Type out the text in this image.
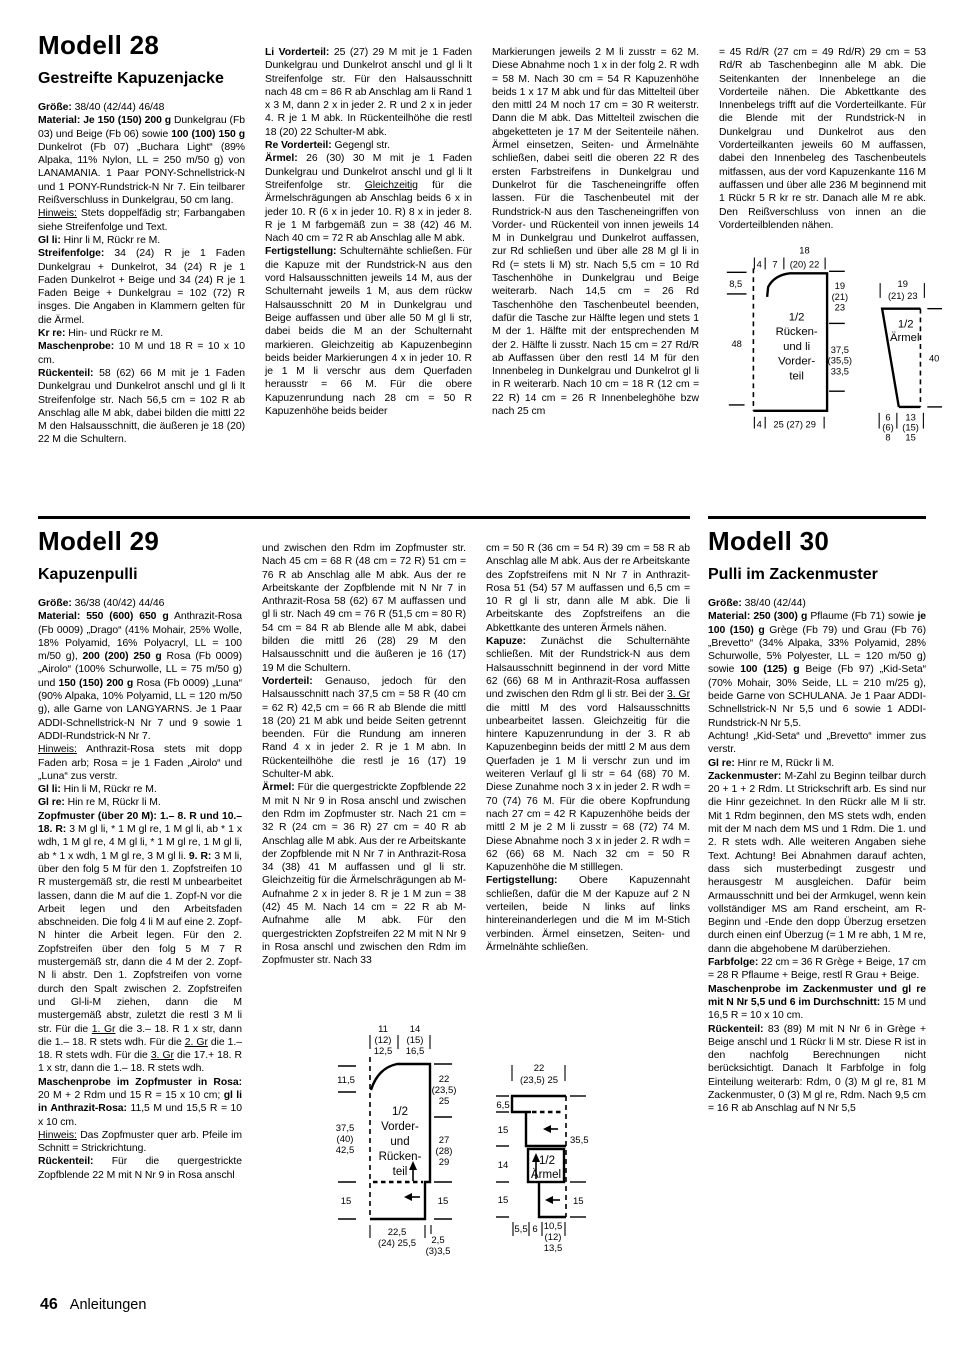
Modell 28
Gestreifte Kapuzenjacke

Größe: 38/40 (42/44) 46/48

Material: Je 150 (150) 200 g Dunkelgrau (Fb 03) und Beige (Fb 06) sowie 100 (100) 150 g Dunkelrot (Fb 07) „Buchara Light“ (89% Alpaka, 11% Nylon, LL = 250 m/50 g) von LANAMANIA. 1 Paar PONY-Schnellstrick-N und 1 PONY-Rundstrick-N Nr 7. Ein teilbarer Reißverschluss in Dunkelgrau, 50 cm lang.

Hinweis: Stets doppelfädig str; Farbangaben siehe Streifenfolge und Text.

Gl li: Hinr li M, Rückr re M.

Streifenfolge: 34 (24) R je 1 Faden Dunkelgrau + Dunkelrot, 34 (24) R je 1 Faden Dunkelrot + Beige und 34 (24) R je 1 Faden Beige + Dunkelgrau = 102 (72) R insges. Die Angaben in Klammern gelten für die Ärmel.

Kr re: Hin- und Rückr re M.

Maschenprobe: 10 M und 18 R = 10 x 10 cm.

Rückenteil: 58 (62) 66 M mit je 1 Faden Dunkelgrau und Dunkelrot anschl und gl li lt Streifenfolge str. Nach 56,5 cm = 102 R ab Anschlag alle M abk, dabei bilden die mittl 22 M den Halsausschnitt, die äußeren je 18 (20) 22 M die Schultern.

Li Vorderteil: 25 (27) 29 M mit je 1 Faden Dunkelgrau und Dunkelrot anschl und gl li lt Streifenfolge str. Für den Halsausschnitt nach 48 cm = 86 R ab Anschlag am li Rand 1 x 3 M, dann 2 x in jeder 2. R und 2 x in jeder 4. R je 1 M abk. In Rückenteilhöhe die restl 18 (20) 22 Schulter-M abk.

Re Vorderteil: Gegengl str.

Ärmel: 26 (30) 30 M mit je 1 Faden Dunkelgrau und Dunkelrot anschl und gl li lt Streifenfolge str. Gleichzeitig für die Ärmelschrägungen ab Anschlag beids 6 x in jeder 10. R (6 x in jeder 10. R) 8 x in jeder 8. R je 1 M farbgemäß zun = 38 (42) 46 M. Nach 40 cm = 72 R ab Anschlag alle M abk.

Fertigstellung: Schulternähte schließen. Für die Kapuze mit der Rundstrick-N aus den vord Halsausschnitten jeweils 14 M, aus der Schulternaht jeweils 1 M, aus dem rückw Halsausschnitt 20 M in Dunkelgrau und Beige auffassen und über alle 50 M gl li str, dabei beids die M an der Schulternaht markieren. Gleichzeitig ab Kapuzenbeginn beids beider Markierungen 4 x in jeder 10. R je 1 M li verschr aus dem Querfaden herausstr = 66 M. Für die obere Kapuzenrundung nach 28 cm = 50 R Kapuzenhöhe beids beider

Markierungen jeweils 2 M li zusstr = 62 M. Diese Abnahme noch 1 x in der folg 2. R wdh = 58 M. Nach 30 cm = 54 R Kapuzenhöhe beids 1 x 17 M abk und für das Mittelteil über den mittl 24 M noch 17 cm = 30 R weiterstr. Dann die M abk. Das Mittelteil zwischen die abgeketteten je 17 M der Seitenteile nähen. Ärmel einsetzen, Seiten- und Ärmelnähte schließen, dabei seitl die oberen 22 R des ersten Farbstreifens in Dunkelgrau und Dunkelrot für die Tascheneingriffe offen lassen. Für die Taschenbeutel mit der Rundstrick-N aus den Tascheneingriffen von Vorder- und Rückenteil von innen jeweils 14 M in Dunkelgrau und Dunkelrot auffassen, zur Rd schließen und über alle 28 M gl li in Rd (= stets li M) str. Nach 5,5 cm = 10 Rd Taschenhöhe in Dunkelgrau und Beige weiterarb. Nach 14,5 cm = 26 Rd Taschenhöhe den Taschenbeutel beenden, dafür die Tasche zur Hälfte legen und stets 1 M der 1. Hälfte mit der entsprechenden M der 2. Hälfte li zusstr. Nach 15 cm = 27 Rd/R ab Auffassen über den restl 14 M für den Innenbeleg in Dunkelgrau und Dunkelrot gl li in R weiterarb. Nach 10 cm = 18 R (12 cm = 22 R) 14 cm = 26 R Innenbeleghöhe bzw nach 25 cm

= 45 Rd/R (27 cm = 49 Rd/R) 29 cm = 53 Rd/R ab Taschenbeginn alle M abk. Die Seitenkanten der Innenbelege an die Vorderteile nähen. Die Abkettkante des Innenbelegs trifft auf die Vorderteilkante. Für die Blende mit der Rundstrick-N in Dunkelgrau und Dunkelrot aus den Vorderteilkanten jeweils 60 M auffassen, dabei den Innenbeleg des Taschenbeutels mitfassen, aus der vord Kapuzenkante 116 M auffassen und über alle 236 M beginnend mit 1 Rückr 5 R kr re str. Danach alle M re abk. Den Reißverschluss von innen an die Vorderteilblenden nähen.

18
4 7 (20) 22
8,5
48
19
(21)
23
37,5
(35,5)
33,5
4 25 (27) 29
1/2
Rücken-
und li
Vorder-
teil
19
(21) 23
40
6
(6)
8
13
(15)
15
1/2
Ärmel
Modell 29
Kapuzenpulli

Größe: 36/38 (40/42) 44/46

Material: 550 (600) 650 g Anthrazit-Rosa (Fb 0009) „Drago“ (41% Mohair, 25% Wolle, 18% Polyamid, 16% Polyacryl, LL = 100 m/50 g), 200 (200) 250 g Rosa (Fb 0009) „Airolo“ (100% Schurwolle, LL = 75 m/50 g) und 150 (150) 200 g Rosa (Fb 0009) „Luna“ (90% Alpaka, 10% Polyamid, LL = 120 m/50 g), alle Garne von LANGYARNS. Je 1 Paar ADDI-Schnellstrick-N Nr 7 und 9 sowie 1 ADDI-Rundstrick-N Nr 7.

Hinweis: Anthrazit-Rosa stets mit dopp Faden arb; Rosa = je 1 Faden „Airolo“ und „Luna“ zus verstr.

Gl li: Hin li M, Rückr re M.

Gl re: Hin re M, Rückr li M.

Zopfmuster (über 20 M): 1.– 8. R und 10.– 18. R: 3 M gl li, * 1 M gl re, 1 M gl li, ab * 1 x wdh, 1 M gl re, 4 M gl li, * 1 M gl re, 1 M gl li, ab * 1 x wdh, 1 M gl re, 3 M gl li. 9. R: 3 M li, über den folg 5 M für den 1. Zopfstreifen 10 R mustergemäß str, die restl M unbearbeitet lassen, dann die M auf die 1. Zopf-N vor die Arbeit legen und den Arbeitsfaden abschneiden. Die folg 4 li M auf eine 2. Zopf-N hinter die Arbeit legen. Für den 2. Zopfstreifen über den folg 5 M 7 R mustergemäß str, dann die 4 M der 2. Zopf-N li abstr. Den 1. Zopfstreifen von vorne durch den Spalt zwischen 2. Zopfstreifen und Gl-li-M ziehen, dann die M mustergemäß abstr, zuletzt die restl 3 M li str. Für die 1. Gr die 3.– 18. R 1 x str, dann die 1.– 18. R stets wdh. Für die 2. Gr die 1.– 18. R stets wdh. Für die 3. Gr die 17.+ 18. R 1 x str, dann die 1.– 18. R stets wdh.

Maschenprobe im Zopfmuster in Rosa: 20 M + 2 Rdm und 15 R = 15 x 10 cm; gl li in Anthrazit-Rosa: 11,5 M und 15,5 R = 10 x 10 cm.

Hinweis: Das Zopfmuster quer arb. Pfeile im Schnitt = Strickrichtung.

Rückenteil: Für die quergestrickte Zopfblende 22 M mit N Nr 9 in Rosa anschl

und zwischen den Rdm im Zopfmuster str. Nach 45 cm = 68 R (48 cm = 72 R) 51 cm = 76 R ab Anschlag alle M abk. Aus der re Arbeitskante der Zopfblende mit N Nr 7 in Anthrazit-Rosa 58 (62) 67 M auffassen und gl li str. Nach 49 cm = 76 R (51,5 cm = 80 R) 54 cm = 84 R ab Blende alle M abk, dabei bilden die mittl 26 (28) 29 M den Halsausschnitt und die äußeren je 16 (17) 19 M die Schultern.

Vorderteil: Genauso, jedoch für den Halsausschnitt nach 37,5 cm = 58 R (40 cm = 62 R) 42,5 cm = 66 R ab Blende die mittl 18 (20) 21 M abk und beide Seiten getrennt beenden. Für die Rundung am inneren Rand 4 x in jeder 2. R je 1 M abn. In Rückenteilhöhe die restl je 16 (17) 19 Schulter-M abk.

Ärmel: Für die quergestrickte Zopfblende 22 M mit N Nr 9 in Rosa anschl und zwischen den Rdm im Zopfmuster str. Nach 21 cm = 32 R (24 cm = 36 R) 27 cm = 40 R ab Anschlag alle M abk. Aus der re Arbeitskante der Zopfblende mit N Nr 7 in Anthrazit-Rosa 34 (38) 41 M auffassen und gl li str. Gleichzeitig für die Ärmelschrägungen ab M-Aufnahme 2 x in jeder 8. R je 1 M zun = 38 (42) 45 M. Nach 14 cm = 22 R ab M-Aufnahme alle M abk. Für den quergestrickten Zopfstreifen 22 M mit N Nr 9 in Rosa anschl und zwischen den Rdm im Zopfmuster str. Nach 33

cm = 50 R (36 cm = 54 R) 39 cm = 58 R ab Anschlag alle M abk. Aus der re Arbeitskante des Zopfstreifens mit N Nr 7 in Anthrazit-Rosa 51 (54) 57 M auffassen und 6,5 cm = 10 R gl li str, dann alle M abk. Die li Arbeitskante des Zopfstreifens an die Abkettkante des unteren Ärmels nähen.

Kapuze: Zunächst die Schulternähte schließen. Mit der Rundstrick-N aus dem Halsausschnitt beginnend in der vord Mitte 62 (66) 68 M in Anthrazit-Rosa auffassen und zwischen den Rdm gl li str. Bei der 3. Gr die mittl M des vord Halsausschnitts unbearbeitet lassen. Gleichzeitig für die hintere Kapuzenrundung in der 3. R ab Kapuzenbeginn beids der mittl 2 M aus dem Querfaden je 1 M li verschr zun und im weiteren Verlauf gl li str = 64 (68) 70 M. Diese Zunahme noch 3 x in jeder 2. R wdh = 70 (74) 76 M. Für die obere Kopfrundung nach 27 cm = 42 R Kapuzenhöhe beids der mittl 2 M je 2 M li zusstr = 68 (72) 74 M. Diese Abnahme noch 3 x in jeder 2. R wdh = 62 (66) 68 M. Nach 32 cm = 50 R Kapuzenhöhe die M stilllegen.

Fertigstellung: Obere Kapuzennaht schließen, dafür die M der Kapuze auf 2 N verteilen, beide N links auf links hintereinanderlegen und die M im M-Stich verbinden. Ärmel einsetzen, Seiten- und Ärmelnähte schließen.

11
(12)
12,5
14
(15)
16,5
11,5
37,5
(40)
42,5
15
22
(23,5)
25
27
(28)
29
15
22,5
(24) 25,5 2,5
(3)3,5
1/2
Vorder-
und
Rücken-
teil
22
(23,5) 25
6,5
15
14
15
35,5
15
5,5 6 10,5
(12)
13,5
1/2
Ärmel
Modell 30
Pulli im Zackenmuster

Größe: 38/40 (42/44)

Material: 250 (300) g Pflaume (Fb 71) sowie je 100 (150) g Grège (Fb 79) und Grau (Fb 76) „Brevetto“ (34% Alpaka, 33% Polyamid, 28% Schurwolle, 5% Polyester, LL = 120 m/50 g) sowie 100 (125) g Beige (Fb 97) „Kid-Seta“ (70% Mohair, 30% Seide, LL = 210 m/25 g), beide Garne von SCHULANA. Je 1 Paar ADDI-Schnellstrick-N Nr 5,5 und 6 sowie 1 ADDI-Rundstrick-N Nr 5,5.

Achtung! „Kid-Seta“ und „Brevetto“ immer zus verstr.

Gl re: Hinr re M, Rückr li M.

Zackenmuster: M-Zahl zu Beginn teilbar durch 20 + 1 + 2 Rdm. Lt Strickschrift arb. Es sind nur die Hinr gezeichnet. In den Rückr alle M li str. Mit 1 Rdm beginnen, den MS stets wdh, enden mit der M nach dem MS und 1 Rdm. Die 1. und 2. R stets wdh. Alle weiteren Angaben siehe Text. Achtung! Bei Abnahmen darauf achten, dass sich musterbedingt zusgestr und herausgestr M ausgleichen. Dafür beim Armausschnitt und bei der Armkugel, wenn kein vollständiger MS am Rand erscheint, am R-Beginn und -Ende den dopp Überzug ersetzen durch einen einf Überzug (= 1 M re abh, 1 M re, dann die abgehobene M darüberziehen.

Farbfolge: 22 cm = 36 R Grège + Beige, 17 cm = 28 R Pflaume + Beige, restl R Grau + Beige.

Maschenprobe im Zackenmuster und gl re mit N Nr 5,5 und 6 im Durchschnitt: 15 M und 16,5 R = 10 x 10 cm.

Rückenteil: 83 (89) M mit N Nr 6 in Grège + Beige anschl und 1 Rückr li M str. Diese R ist in den nachfolg Berechnungen nicht berücksichtigt. Danach lt Farbfolge in folg Einteilung weiterarb: Rdm, 0 (3) M gl re, 81 M Zackenmuster, 0 (3) M gl re, Rdm. Nach 9,5 cm = 16 R ab Anschlag auf N Nr 5,5

46 Anleitungen
